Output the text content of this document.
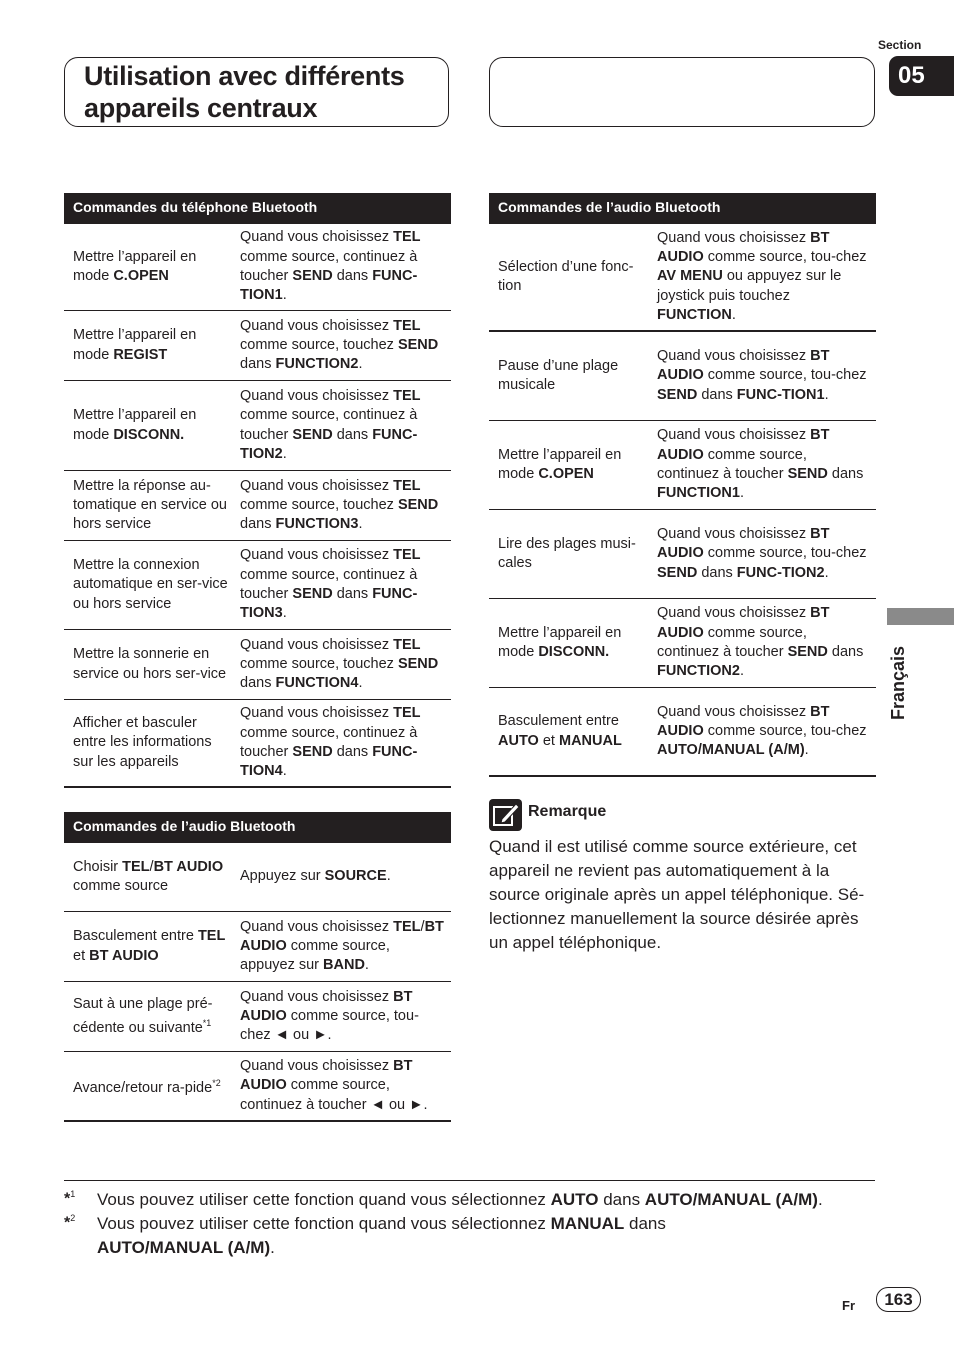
Utilisation avec différents
appareils centraux
Section
05
Français
Commandes du téléphone Bluetooth
Mettre l’appareil en
mode C.OPEN
Quand vous choisissez TEL comme source, continuez à toucher SEND dans FUNC-TION1.
Mettre l’appareil en
mode REGIST
Quand vous choisissez TEL comme source, touchez SEND dans FUNCTION2.
Mettre l’appareil en
mode DISCONN.
Quand vous choisissez TEL comme source, continuez à toucher SEND dans FUNC-TION2.
Mettre la réponse au-tomatique en service ou hors service
Quand vous choisissez TEL comme source, touchez SEND dans FUNCTION3.
Mettre la connexion automatique en ser-vice ou hors service
Quand vous choisissez TEL comme source, continuez à toucher SEND dans FUNC-TION3.
Mettre la sonnerie en service ou hors ser-vice
Quand vous choisissez TEL comme source, touchez SEND dans FUNCTION4.
Afficher et basculer entre les informations sur les appareils
Quand vous choisissez TEL comme source, continuez à toucher SEND dans FUNC-TION4.
Commandes de l’audio Bluetooth
Choisir TEL/BT AUDIO comme source
Appuyez sur SOURCE.
Basculement entre TEL et BT AUDIO
Quand vous choisissez TEL/BT AUDIO comme source, appuyez sur BAND.
Saut à une plage pré-cédente ou suivante$^{*1}$
Quand vous choisissez BT AUDIO comme source, tou-chez ◄ ou ►.
Avance/retour ra-pide$^{*2}$
Quand vous choisissez BT AUDIO comme source, continuez à toucher ◄ ou ►.
Commandes de l’audio Bluetooth
Sélection d’une fonc-tion
Quand vous choisissez BT AUDIO comme source, tou-chez AV MENU ou appuyez sur le joystick puis touchez FUNCTION.
Pause d’une plage musicale
Quand vous choisissez BT AUDIO comme source, tou-chez SEND dans FUNC-TION1.
Mettre l’appareil en mode C.OPEN
Quand vous choisissez BT AUDIO comme source, continuez à toucher SEND dans FUNCTION1.
Lire des plages musi-cales
Quand vous choisissez BT AUDIO comme source, tou-chez SEND dans FUNC-TION2.
Mettre l’appareil en mode DISCONN.
Quand vous choisissez BT AUDIO comme source, continuez à toucher SEND dans FUNCTION2.
Basculement entre AUTO et MANUAL
Quand vous choisissez BT AUDIO comme source, tou-chez AUTO/MANUAL (A/M).
Remarque
Quand il est utilisé comme source extérieure, cet appareil ne revient pas automatiquement à la source originale après un appel téléphonique. Sé-lectionnez manuellement la source désirée après un appel téléphonique.
*$^1$ Vous pouvez utiliser cette fonction quand vous sélectionnez AUTO dans AUTO/MANUAL (A/M).
*$^2$ Vous pouvez utiliser cette fonction quand vous sélectionnez MANUAL dans AUTO/MANUAL (A/M).
Fr	163
